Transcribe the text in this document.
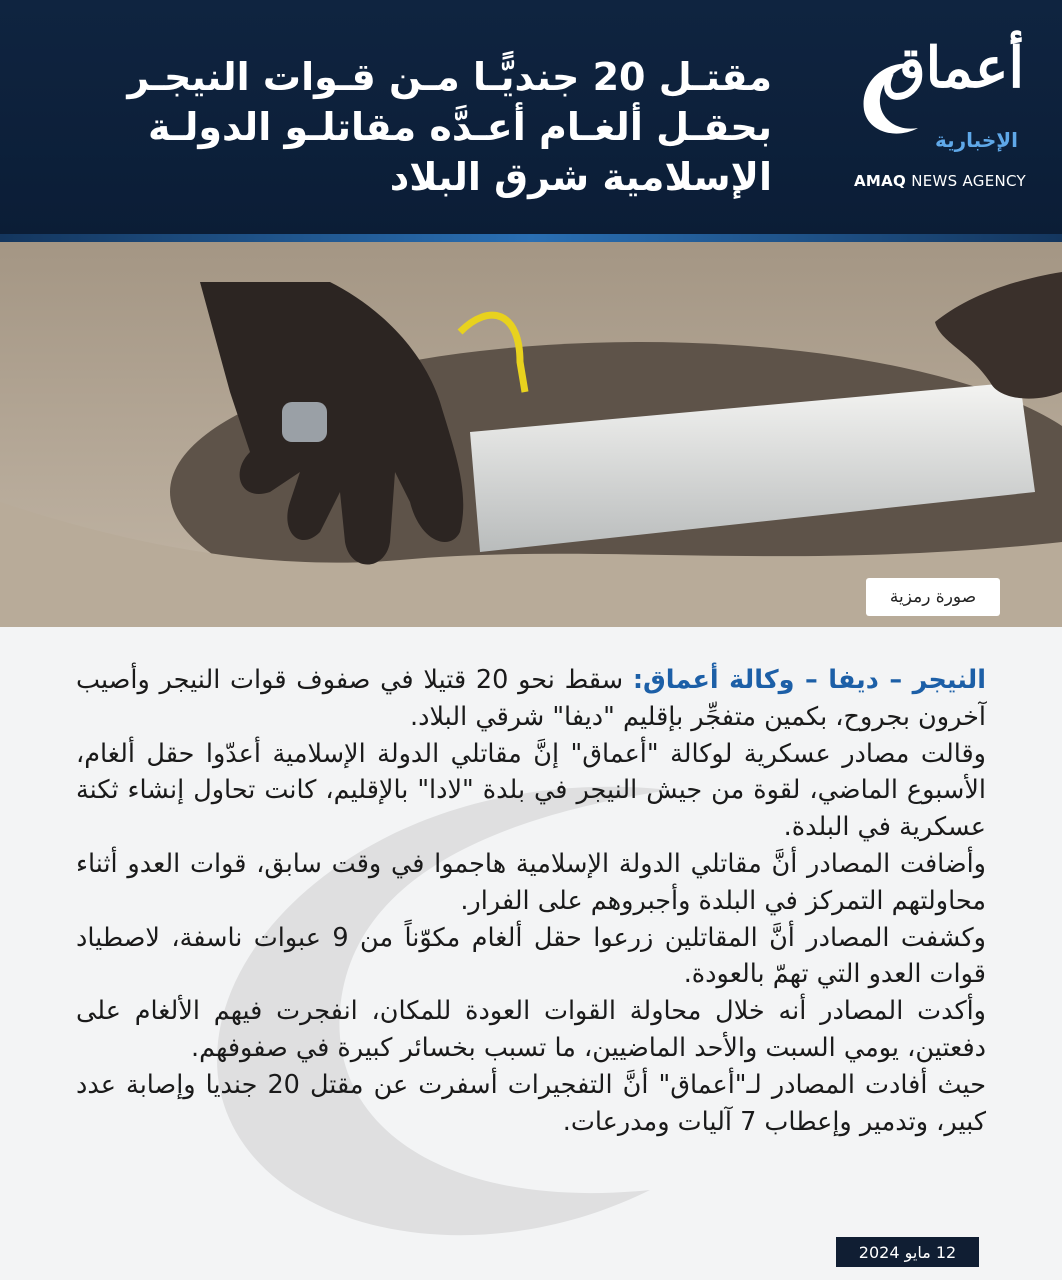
مقتـل 20 جنديًّـا مـن قـوات النيجـر
بحقـل ألغـام أعـدَّه مقاتلـو الدولـة
الإسلامية شرق البلاد
أعماق
الإخبارية
AMAQ NEWS AGENCY
صورة رمزية

النيجر – ديفا – وكالة أعماق: سقط نحو 20 قتيلا في صفوف قوات النيجر وأصيب آخرون بجروح، بكمين متفجِّر بإقليم "ديفا" شرقي البلاد.

وقالت مصادر عسكرية لوكالة "أعماق" إنَّ مقاتلي الدولة الإسلامية أعدّوا حقل ألغام، الأسبوع الماضي، لقوة من جيش النيجر في بلدة "لادا" بالإقليم، كانت تحاول إنشاء ثكنة عسكرية في البلدة.

وأضافت المصادر أنَّ مقاتلي الدولة الإسلامية هاجموا في وقت سابق، قوات العدو أثناء محاولتهم التمركز في البلدة وأجبروهم على الفرار.

وكشفت المصادر أنَّ المقاتلين زرعوا حقل ألغام مكوّناً من 9 عبوات ناسفة، لاصطياد قوات العدو التي تهمّ بالعودة.

وأكدت المصادر أنه خلال محاولة القوات العودة للمكان، انفجرت فيهم الألغام على دفعتين، يومي السبت والأحد الماضيين، ما تسبب بخسائر كبيرة في صفوفهم.

حيث أفادت المصادر لـ"أعماق" أنَّ التفجيرات أسفرت عن مقتل 20 جنديا وإصابة عدد كبير، وتدمير وإعطاب 7 آليات ومدرعات.

12 مايو 2024
